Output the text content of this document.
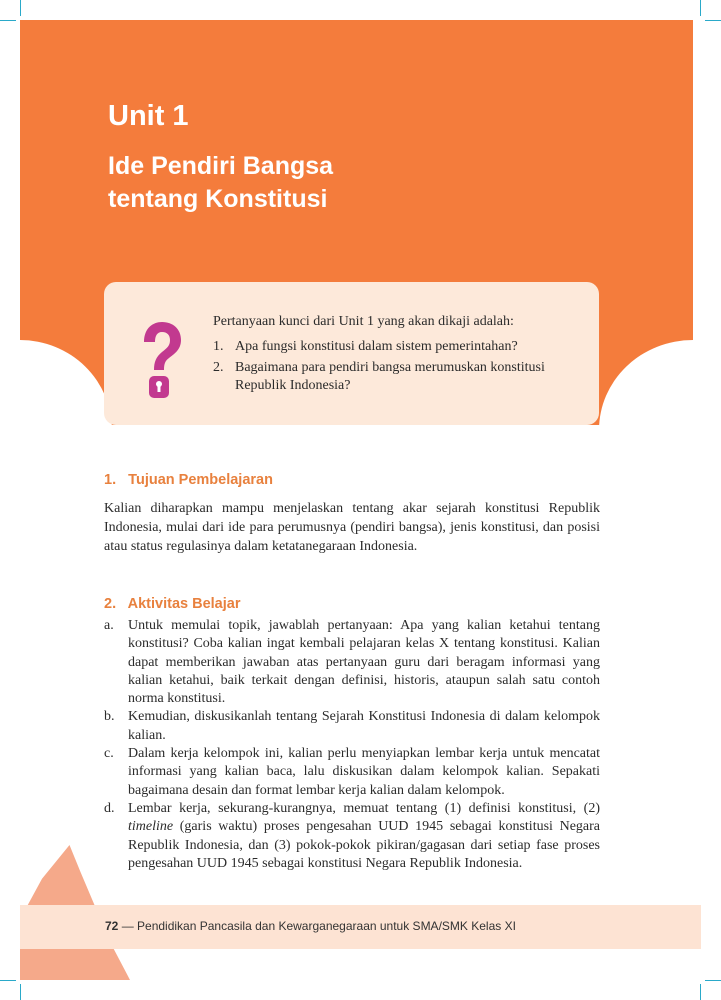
Unit 1
Ide Pendiri Bangsa
tentang Konstitusi
Pertanyaan kunci dari Unit 1 yang akan dikaji adalah:
1. Apa fungsi konstitusi dalam sistem pemerintahan?
2. Bagaimana para pendiri bangsa merumuskan konstitusi Republik Indonesia?
1.   Tujuan Pembelajaran
Kalian diharapkan mampu menjelaskan tentang akar sejarah konstitusi Republik Indonesia, mulai dari ide para perumusnya (pendiri bangsa), jenis konstitusi, dan posisi atau status regulasinya dalam ketatanegaraan Indonesia.
2.   Aktivitas Belajar
a.	Untuk memulai topik, jawablah pertanyaan: Apa yang kalian ketahui tentang konstitusi? Coba kalian ingat kembali pelajaran kelas X tentang konstitusi. Kalian dapat memberikan jawaban atas pertanyaan guru dari beragam informasi yang kalian ketahui, baik terkait dengan definisi, historis, ataupun salah satu contoh norma konstitusi.
b. Kemudian, diskusikanlah tentang Sejarah Konstitusi Indonesia di dalam kelompok kalian.
c.	Dalam kerja kelompok ini, kalian perlu menyiapkan lembar kerja untuk mencatat informasi yang kalian baca, lalu diskusikan dalam kelompok kalian. Sepakati bagaimana desain dan format lembar kerja kalian dalam kelompok.
d. Lembar kerja, sekurang-kurangnya, memuat tentang (1) definisi konstitusi, (2) timeline (garis waktu) proses pengesahan UUD 1945 sebagai konstitusi Negara Republik Indonesia, dan (3) pokok-pokok pikiran/gagasan dari setiap fase proses pengesahan UUD 1945 sebagai konstitusi Negara Republik Indonesia.
72 — Pendidikan Pancasila dan Kewarganegaraan untuk SMA/SMK Kelas XI
